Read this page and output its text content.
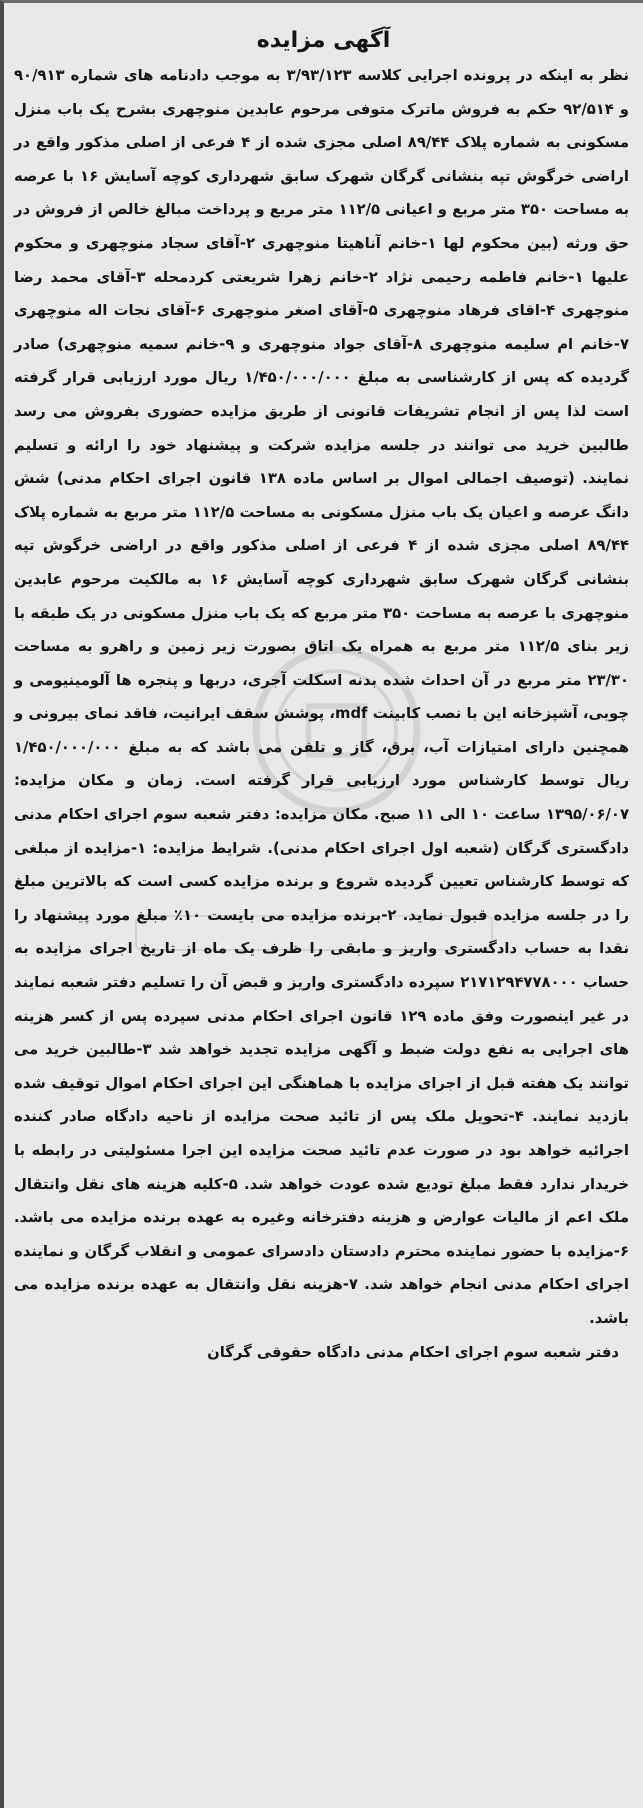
آگهی مزایده
نظر به اینکه در پرونده اجرایی کلاسه ۳/۹۳/۱۲۳ به موجب دادنامه های شماره ۹۰/۹۱۳ و ۹۲/۵۱۴ حکم به فروش ماترک متوفی مرحوم عابدین منوچهری بشرح یک باب منزل مسکونی به شماره پلاک ۸۹/۴۴ اصلی مجزی شده از ۴ فرعی از اصلی مذکور واقع در اراضی خرگوش تپه بنشانی گرگان شهرک سابق شهرداری کوچه آسایش ۱۶ با عرصه به مساحت ۳۵۰ متر مربع و اعیانی ۱۱۲/۵ متر مربع و پرداخت مبالغ خالص از فروش در حق ورثه (بین محکوم لها ۱-خانم آناهیتا منوچهری ۲-آقای سجاد منوچهری و محکوم علیها ۱-خانم فاطمه رحیمی نژاد ۲-خانم زهرا شریعتی کردمحله ۳-آقای محمد رضا منوچهری ۴-اقای فرهاد منوچهری ۵-آقای اصغر منوچهری ۶-آقای نجات اله منوچهری ۷-خانم ام سلیمه منوچهری ۸-آقای جواد منوچهری و ۹-خانم سمیه منوچهری) صادر گردیده که پس از کارشناسی به مبلغ ۱/۴۵۰/۰۰۰/۰۰۰ ریال مورد ارزیابی قرار گرفته است لذا پس از انجام تشریفات قانونی از طریق مزایده حضوری بفروش می رسد طالبین خرید می توانند در جلسه مزایده شرکت و پیشنهاد خود را ارائه و تسلیم نمایند. (توصیف اجمالی اموال بر اساس ماده ۱۳۸ قانون اجرای احکام مدنی) شش دانگ عرصه و اعیان یک باب منزل مسکونی به مساحت ۱۱۲/۵ متر مربع به شماره پلاک ۸۹/۴۴ اصلی مجزی شده از ۴ فرعی از اصلی مذکور واقع در اراضی خرگوش تپه بنشانی گرگان شهرک سابق شهرداری کوچه آسایش ۱۶ به مالکیت مرحوم عابدین منوچهری با عرصه به مساحت ۳۵۰ متر مربع که یک باب منزل مسکونی در یک طبقه با زیر بنای ۱۱۲/۵ متر مربع به همراه یک اتاق بصورت زیر زمین و راهرو به مساحت ۲۳/۳۰ متر مربع در آن احداث شده بدنه اسکلت آجری، دربها و پنجره ها آلومینیومی و چوبی، آشپزخانه این با نصب کابینت mdf، پوشش سقف ایرانیت، فاقد نمای بیرونی و همچنین دارای امتیازات آب، برق، گاز و تلفن می باشد که به مبلغ ۱/۴۵۰/۰۰۰/۰۰۰ ریال توسط کارشناس مورد ارزیابی قرار گرفته است. زمان و مکان مزایده: ۱۳۹۵/۰۶/۰۷ ساعت ۱۰ الی ۱۱ صبح. مکان مزایده: دفتر شعبه سوم اجرای احکام مدنی دادگستری گرگان (شعبه اول اجرای احکام مدنی). شرایط مزایده: ۱-مزایده از مبلغی که توسط کارشناس تعیین گردیده شروع و برنده مزایده کسی است که بالاترین مبلغ را در جلسه مزایده قبول نماید. ۲-برنده مزایده می بایست ۱۰٪ مبلغ مورد پیشنهاد را نقدا به حساب دادگستری واریز و مابقی را ظرف یک ماه از تاریخ اجرای مزایده به حساب ۲۱۷۱۲۹۴۷۷۸۰۰۰ سپرده دادگستری واریز و قبض آن را تسلیم دفتر شعبه نمایند در غیر اینصورت وفق ماده ۱۲۹ قانون اجرای احکام مدنی سپرده پس از کسر هزینه های اجرایی به نفع دولت ضبط و آگهی مزایده تجدید خواهد شد ۳-طالبین خرید می توانند یک هفته قبل از اجرای مزایده با هماهنگی این اجرای احکام اموال توقیف شده بازدید نمایند. ۴-تحویل ملک پس از تائید صحت مزایده از ناحیه دادگاه صادر کننده اجرائیه خواهد بود در صورت عدم تائید صحت مزایده این اجرا مسئولیتی در رابطه با خریدار ندارد فقط مبلغ تودیع شده عودت خواهد شد. ۵-کلیه هزینه های نقل وانتقال ملک اعم از مالیات عوارض و هزینه دفترخانه وغیره به عهده برنده مزایده می باشد. ۶-مزایده با حضور نماینده محترم دادستان دادسرای عمومی و انقلاب گرگان و نماینده اجرای احکام مدنی انجام خواهد شد. ۷-هزینه نقل وانتقال به عهده برنده مزایده می باشد.
دفتر شعبه سوم اجرای احکام مدنی دادگاه حقوقی گرگان
